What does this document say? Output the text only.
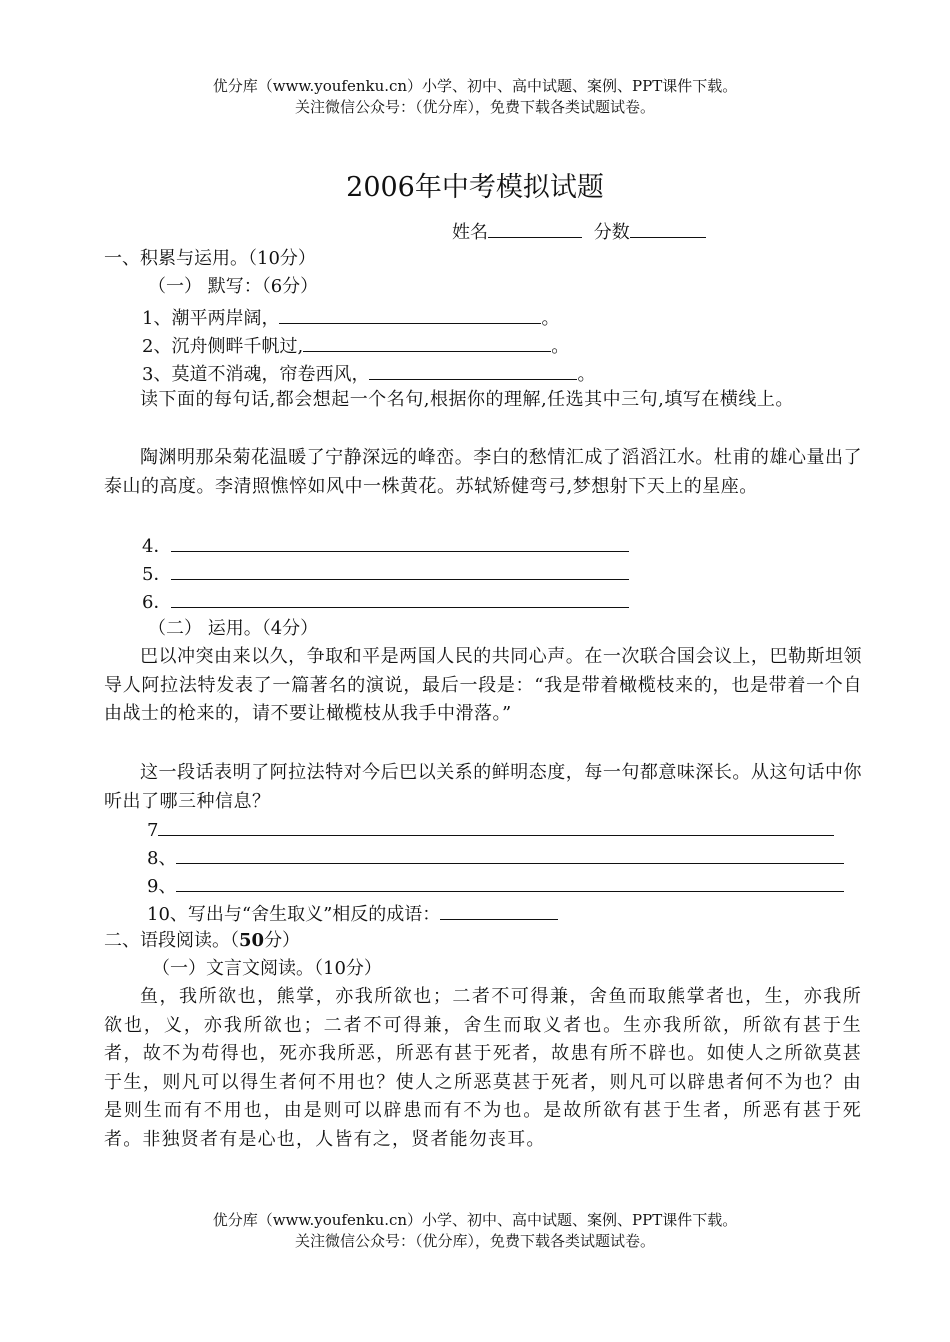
优分库（www.youfenku.cn）小学、初中、高中试题、案例、PPT课件下载。
关注微信公众号：（优分库），免费下载各类试题试卷。
2006年中考模拟试题
姓名	分数
一、积累与运用。（10分）
（一） 默写：（6分）
1、潮平两岸阔，	。
2、沉舟侧畔千帆过,	。
3、莫道不消魂，帘卷西风，	。
读下面的每句话,都会想起一个名句,根据你的理解,任选其中三句,填写在横线上。
陶渊明那朵菊花温暖了宁静深远的峰峦。李白的愁情汇成了滔滔江水。杜甫的雄心量出了泰山的高度。李清照憔悴如风中一株黄花。苏轼矫健弯弓,梦想射下天上的星座。
4．
5．
6．
（二） 运用。（4分）
巴以冲突由来以久，争取和平是两国人民的共同心声。在一次联合国会议上，巴勒斯坦领导人阿拉法特发表了一篇著名的演说，最后一段是：“我是带着橄榄枝来的，也是带着一个自由战士的枪来的，请不要让橄榄枝从我手中滑落。”
这一段话表明了阿拉法特对今后巴以关系的鲜明态度，每一句都意味深长。从这句话中你听出了哪三种信息？
7
8、
9、
10、写出与“舍生取义”相反的成语：
二、语段阅读。（50分）
（一）文言文阅读。（10分）
鱼，我所欲也，熊掌，亦我所欲也；二者不可得兼，舍鱼而取熊掌者也，生，亦我所欲也，义，亦我所欲也；二者不可得兼，舍生而取义者也。生亦我所欲，所欲有甚于生者，故不为苟得也，死亦我所恶，所恶有甚于死者，故患有所不辟也。如使人之所欲莫甚于生，则凡可以得生者何不用也？使人之所恶莫甚于死者，则凡可以辟患者何不为也？由是则生而有不用也，由是则可以辟患而有不为也。是故所欲有甚于生者，所恶有甚于死者。非独贤者有是心也，人皆有之，贤者能勿丧耳。
优分库（www.youfenku.cn）小学、初中、高中试题、案例、PPT课件下载。
关注微信公众号：（优分库），免费下载各类试题试卷。
